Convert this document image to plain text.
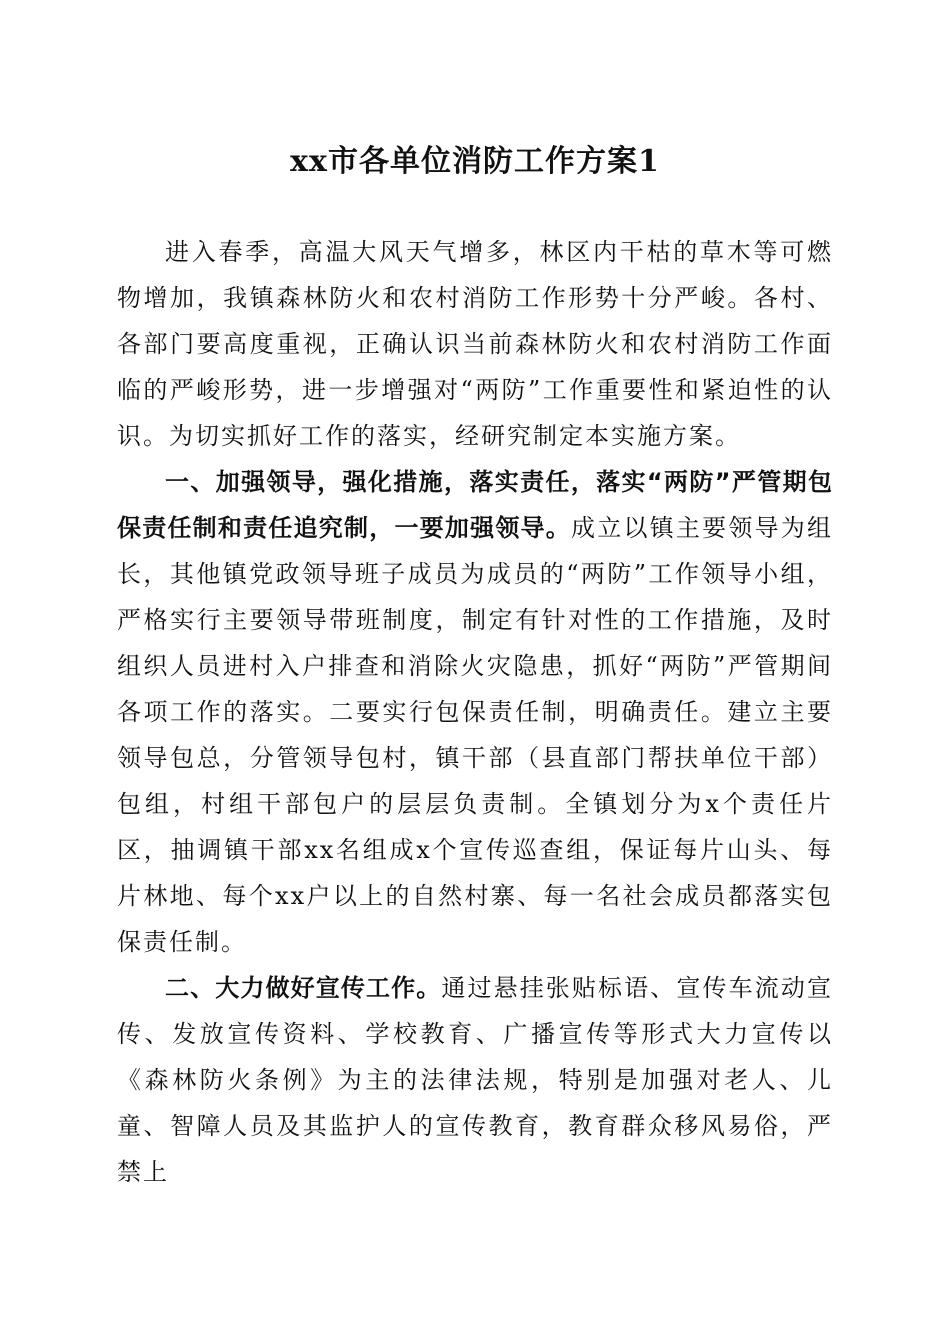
xx市各单位消防工作方案1

进入春季，高温大风天气增多，林区内干枯的草木等可燃物增加，我镇森林防火和农村消防工作形势十分严峻。各村、各部门要高度重视，正确认识当前森林防火和农村消防工作面临的严峻形势，进一步增强对“两防”工作重要性和紧迫性的认识。为切实抓好工作的落实，经研究制定本实施方案。

一、加强领导，强化措施，落实责任，落实“两防”严管期包保责任制和责任追究制，一要加强领导。成立以镇主要领导为组长，其他镇党政领导班子成员为成员的“两防”工作领导小组，严格实行主要领导带班制度，制定有针对性的工作措施，及时组织人员进村入户排查和消除火灾隐患，抓好“两防”严管期间各项工作的落实。二要实行包保责任制，明确责任。建立主要领导包总，分管领导包村，镇干部（县直部门帮扶单位干部）包组，村组干部包户的层层负责制。全镇划分为x个责任片区，抽调镇干部xx名组成x个宣传巡查组，保证每片山头、每片林地、每个xx户以上的自然村寨、每一名社会成员都落实包保责任制。

二、大力做好宣传工作。通过悬挂张贴标语、宣传车流动宣传、发放宣传资料、学校教育、广播宣传等形式大力宣传以《森林防火条例》为主的法律法规，特别是加强对老人、儿童、智障人员及其监护人的宣传教育，教育群众移风易俗，严禁上
